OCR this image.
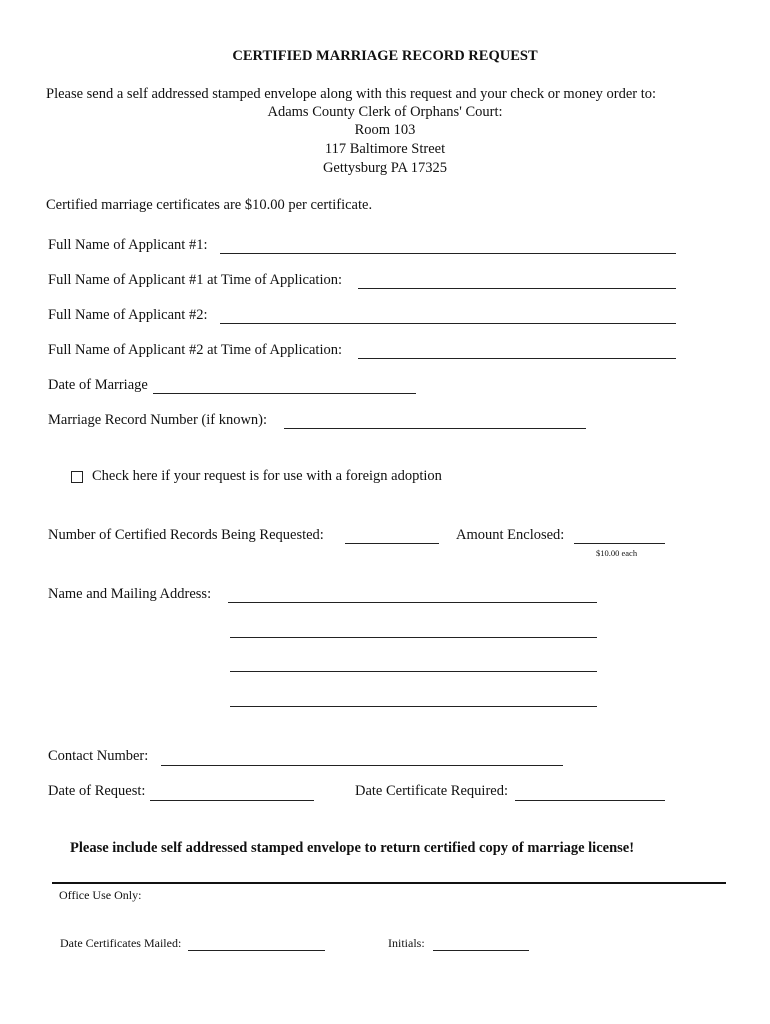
CERTIFIED MARRIAGE RECORD REQUEST
Please send a self addressed stamped envelope along with this request and your check or money order to:
Adams County Clerk of Orphans' Court:
Room 103
117 Baltimore Street
Gettysburg PA 17325
Certified marriage certificates are $10.00 per certificate.
Full Name of Applicant #1:
Full Name of Applicant #1 at Time of Application:
Full Name of Applicant #2:
Full Name of Applicant #2 at Time of Application:
Date of Marriage
Marriage Record Number (if known):
Check here if your request is for use with a foreign adoption
Number of Certified Records Being Requested:	Amount Enclosed:
$10.00 each
Name and Mailing Address:
Contact Number:
Date of Request:	Date Certificate Required:
Please include self addressed stamped envelope to return certified copy of marriage license!
Office Use Only:
Date Certificates Mailed:	Initials:
